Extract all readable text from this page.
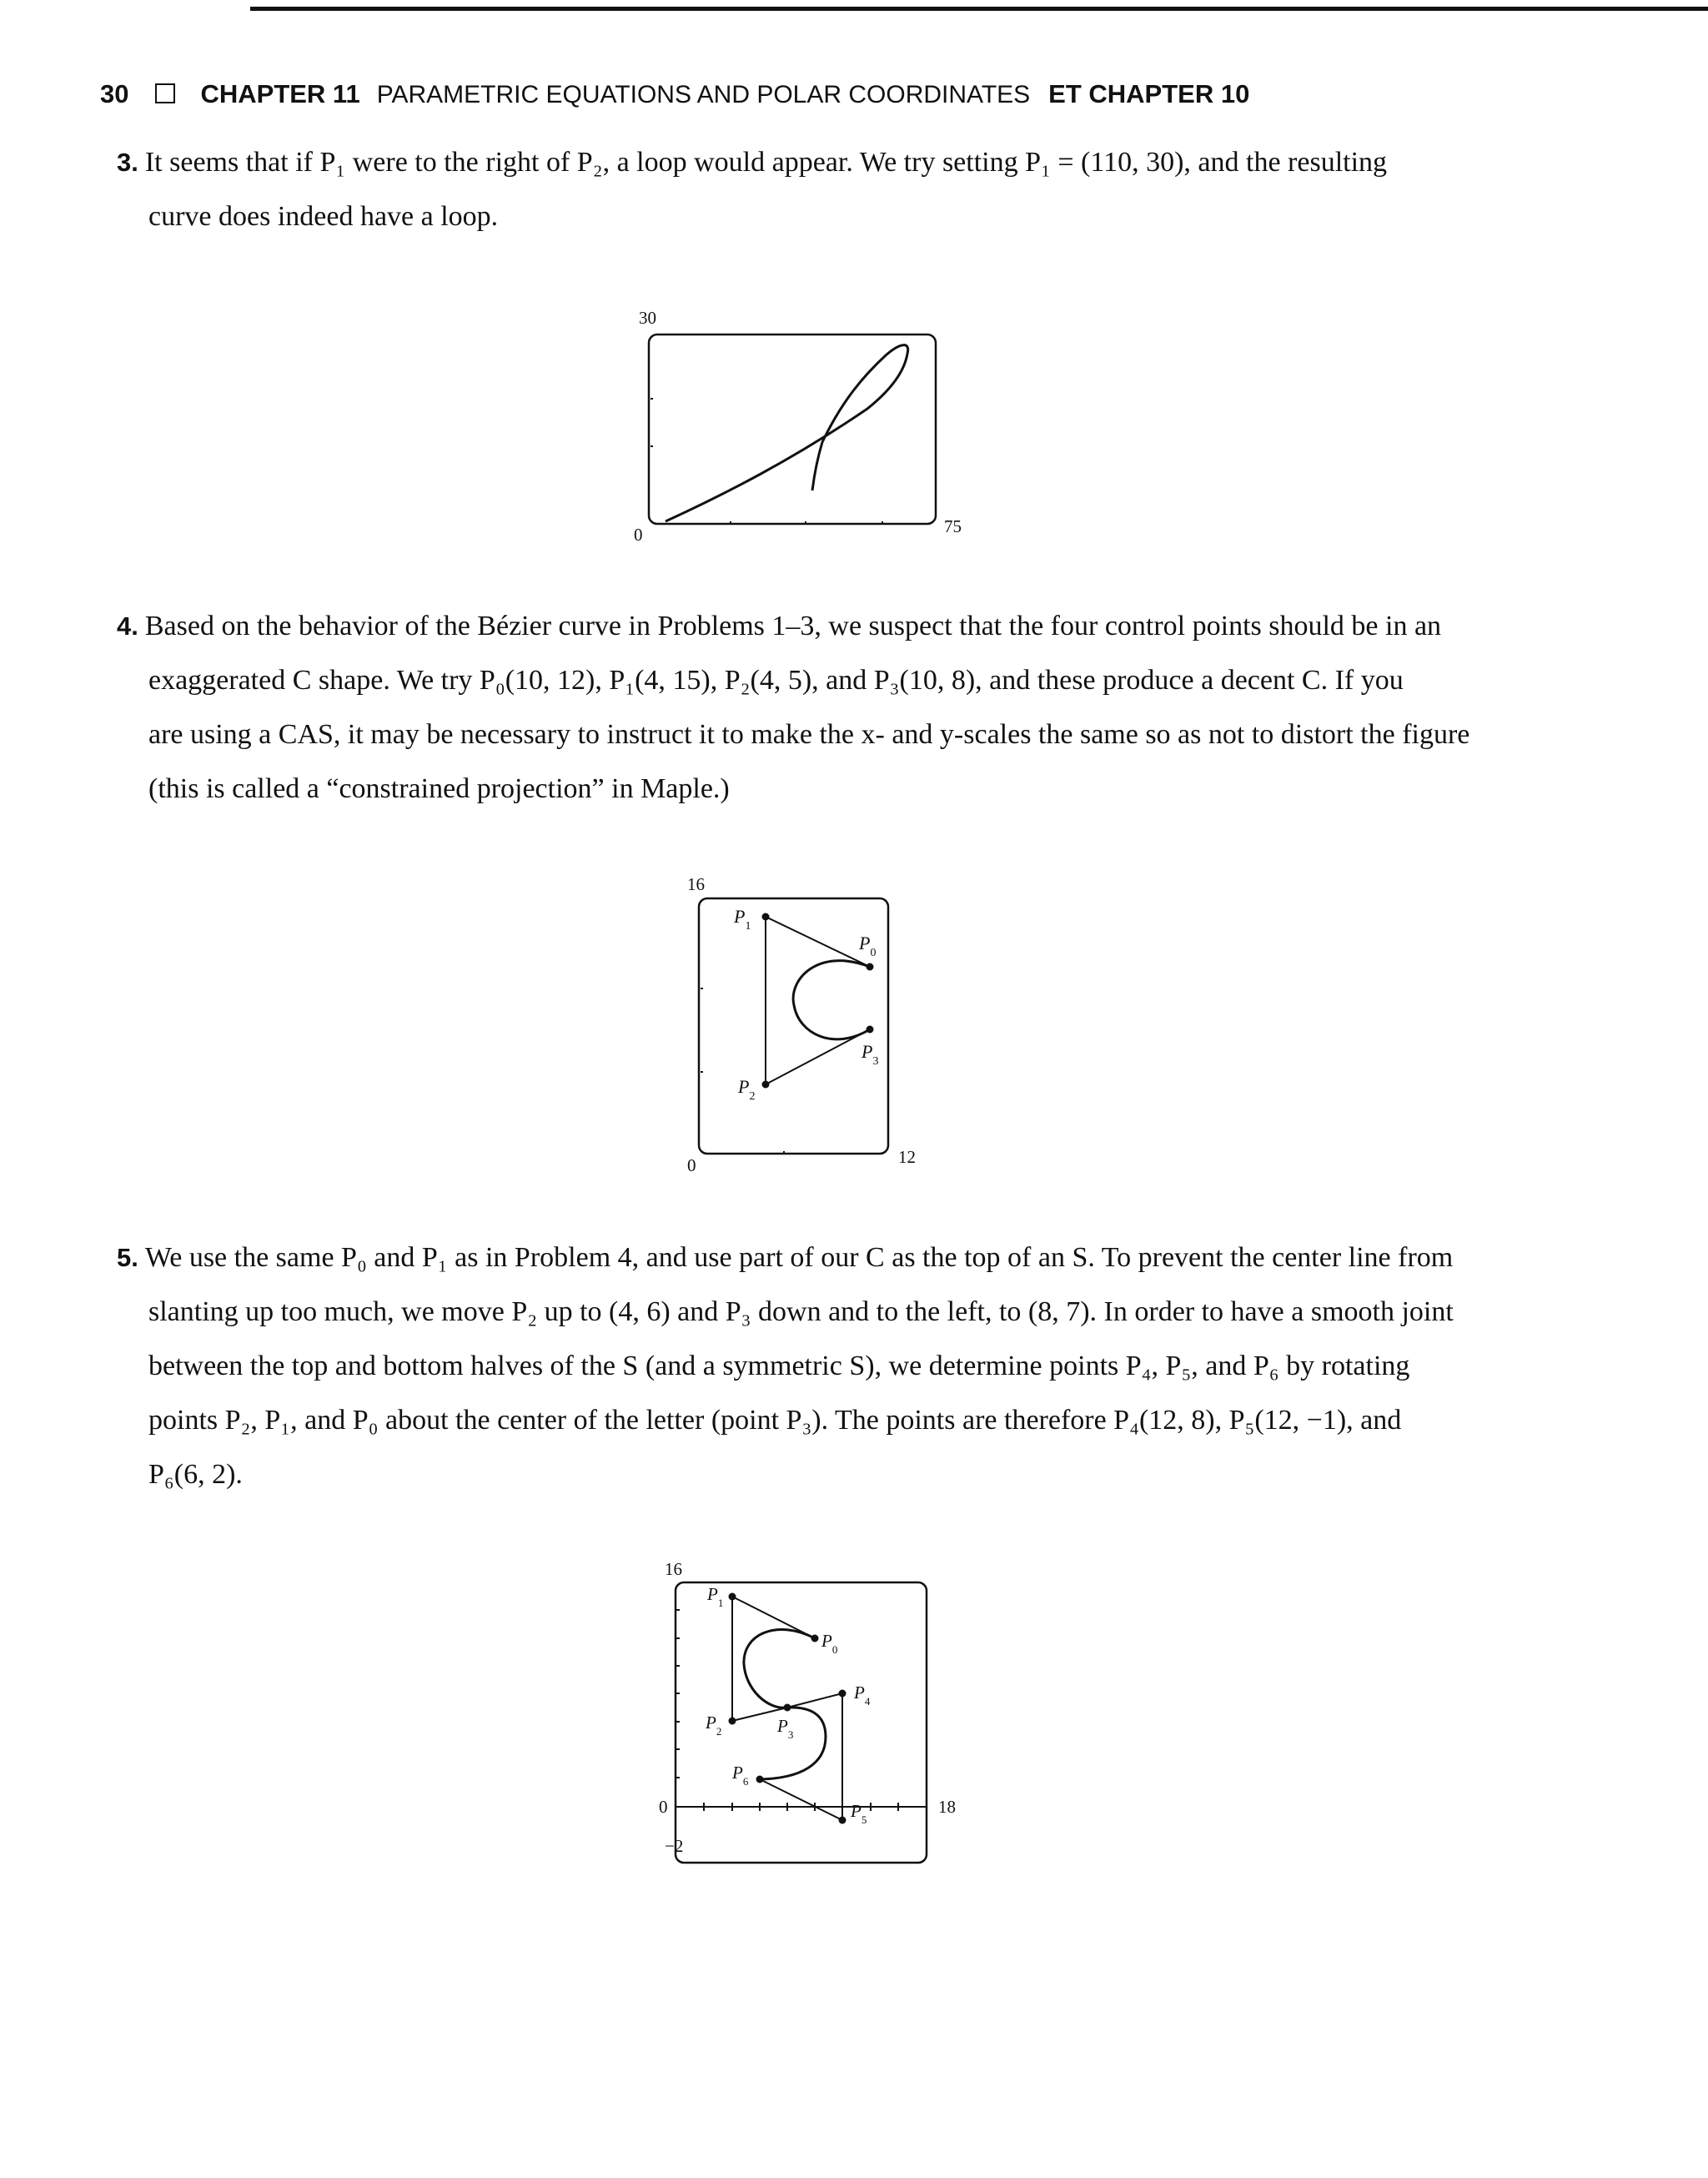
30	CHAPTER 11 PARAMETRIC EQUATIONS AND POLAR COORDINATES ET CHAPTER 10
3. It seems that if P₁ were to the right of P₂, a loop would appear. We try setting P₁ = (110, 30), and the resulting
curve does indeed have a loop.
30
0	75
4. Based on the behavior of the Bézier curve in Problems 1–3, we suspect that the four control points should be in an
exaggerated C shape. We try P₀(10, 12), P₁(4, 15), P₂(4, 5), and P₃(10, 8), and these produce a decent C. If you
are using a CAS, it may be necessary to instruct it to make the x- and y-scales the same so as not to distort the figure
(this is called a “constrained projection” in Maple.)
16
0	12
$P_0$
$P_1$
$P_2$
$P_3$
5. We use the same P₀ and P₁ as in Problem 4, and use part of our C as the top of an S. To prevent the center line from
slanting up too much, we move P₂ up to (4, 6) and P₃ down and to the left, to (8, 7). In order to have a smooth joint
between the top and bottom halves of the S (and a symmetric S), we determine points P₄, P₅, and P₆ by rotating
points P₂, P₁, and P₀ about the center of the letter (point P₃). The points are therefore P₄(12, 8), P₅(12, −1), and
P₆(6, 2).
16
0
−2
18
$P_0$
$P_1$
$P_2$	$P_3$
$P_4$
$P_5$
$P_6$
